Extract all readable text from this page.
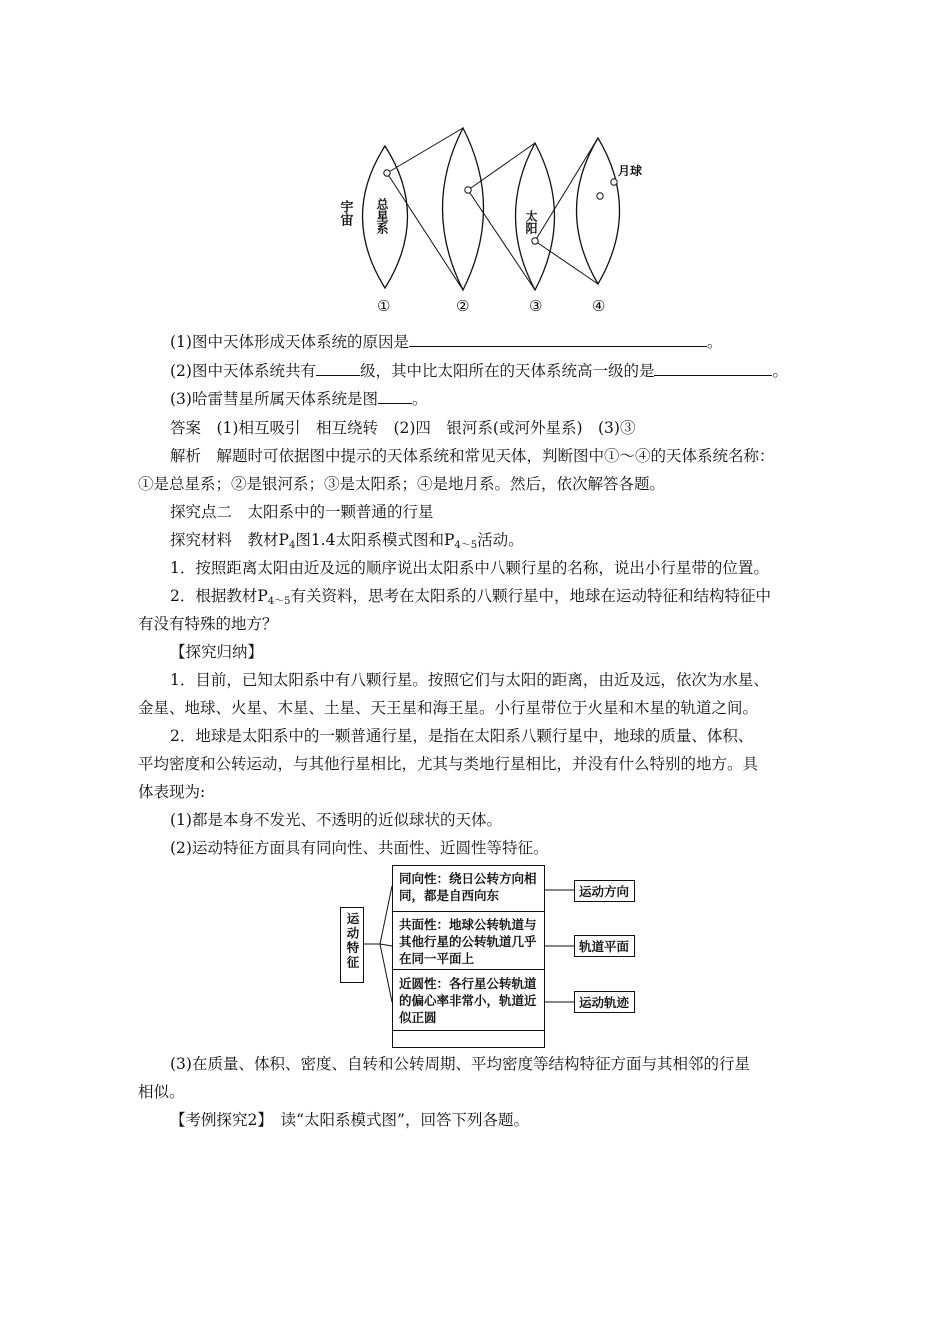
宇宙 总星系	太阳
月球
①	②	③	④
(1)图中天体形成天体系统的原因是	。
(2)图中天体系统共有	级，其中比太阳所在的天体系统高一级的是	。
(3)哈雷彗星所属天体系统是图 。
答案　(1)相互吸引　相互绕转　(2)四　银河系(或河外星系)　(3)③
解析　解题时可依据图中提示的天体系统和常见天体，判断图中①～④的天体系统名称：
①是总星系；②是银河系；③是太阳系；④是地月系。然后，依次解答各题。
探究点二　太阳系中的一颗普通的行星
探究材料　教材$P_4$图1.4太阳系模式图和$P_{4\sim 5}$活动。
1．按照距离太阳由近及远的顺序说出太阳系中八颗行星的名称，说出小行星带的位置。
2．根据教材$P_{4\sim 5}$有关资料，思考在太阳系的八颗行星中，地球在运动特征和结构特征中
有没有特殊的地方？
【探究归纳】
1．目前，已知太阳系中有八颗行星。按照它们与太阳的距离，由近及远，依次为水星、
金星、地球、火星、木星、土星、天王星和海王星。小行星带位于火星和木星的轨道之间。
2．地球是太阳系中的一颗普通行星，是指在太阳系八颗行星中，地球的质量、体积、
平均密度和公转运动，与其他行星相比，尤其与类地行星相比，并没有什么特别的地方。具
体表现为:
(1)都是本身不发光、不透明的近似球状的天体。
(2)运动特征方面具有同向性、共面性、近圆性等特征。
运动特征
同向性：绕日公转方向相同，都是自西向东
共面性：地球公转轨道与其他行星的公转轨道几乎在同一平面上
近圆性：各行星公转轨道的偏心率非常小，轨道近似正圆
运动方向
轨道平面
运动轨迹
(3)在质量、体积、密度、自转和公转周期、平均密度等结构特征方面与其相邻的行星
相似。
【考例探究2】　读“太阳系模式图”，回答下列各题。
